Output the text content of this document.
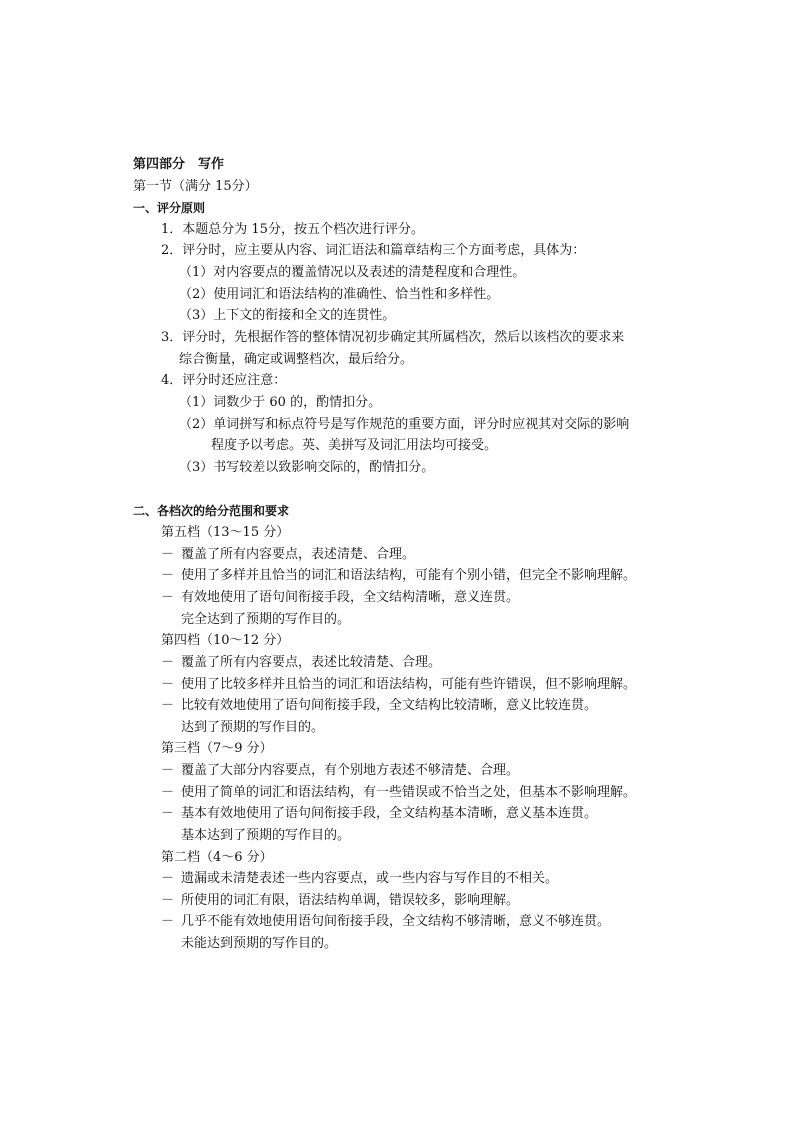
第四部分　写作
第一节（满分 15分）
一、评分原则
1．本题总分为 15分，按五个档次进行评分。
2．评分时，应主要从内容、词汇语法和篇章结构三个方面考虑，具体为：
（1）对内容要点的覆盖情况以及表述的清楚程度和合理性。
（2）使用词汇和语法结构的准确性、恰当性和多样性。
（3）上下文的衔接和全文的连贯性。
3．评分时，先根据作答的整体情况初步确定其所属档次，然后以该档次的要求来
综合衡量，确定或调整档次，最后给分。
4．评分时还应注意：
（1）词数少于 60 的，酌情扣分。
（2）单词拼写和标点符号是写作规范的重要方面，评分时应视其对交际的影响
程度予以考虑。英、美拼写及词汇用法均可接受。
（3）书写较差以致影响交际的，酌情扣分。
二、各档次的给分范围和要求
第五档（13～15 分）
－ 覆盖了所有内容要点，表述清楚、合理。
－ 使用了多样并且恰当的词汇和语法结构，可能有个别小错，但完全不影响理解。
－ 有效地使用了语句间衔接手段，全文结构清晰，意义连贯。
完全达到了预期的写作目的。
第四档（10～12 分）
－ 覆盖了所有内容要点，表述比较清楚、合理。
－ 使用了比较多样并且恰当的词汇和语法结构，可能有些许错误，但不影响理解。
－ 比较有效地使用了语句间衔接手段，全文结构比较清晰，意义比较连贯。
达到了预期的写作目的。
第三档（7～9 分）
－ 覆盖了大部分内容要点，有个别地方表述不够清楚、合理。
－ 使用了简单的词汇和语法结构，有一些错误或不恰当之处，但基本不影响理解。
－ 基本有效地使用了语句间衔接手段，全文结构基本清晰，意义基本连贯。
基本达到了预期的写作目的。
第二档（4～6 分）
－ 遗漏或未清楚表述一些内容要点，或一些内容与写作目的不相关。
－ 所使用的词汇有限，语法结构单调，错误较多，影响理解。
－ 几乎不能有效地使用语句间衔接手段，全文结构不够清晰，意义不够连贯。
未能达到预期的写作目的。
